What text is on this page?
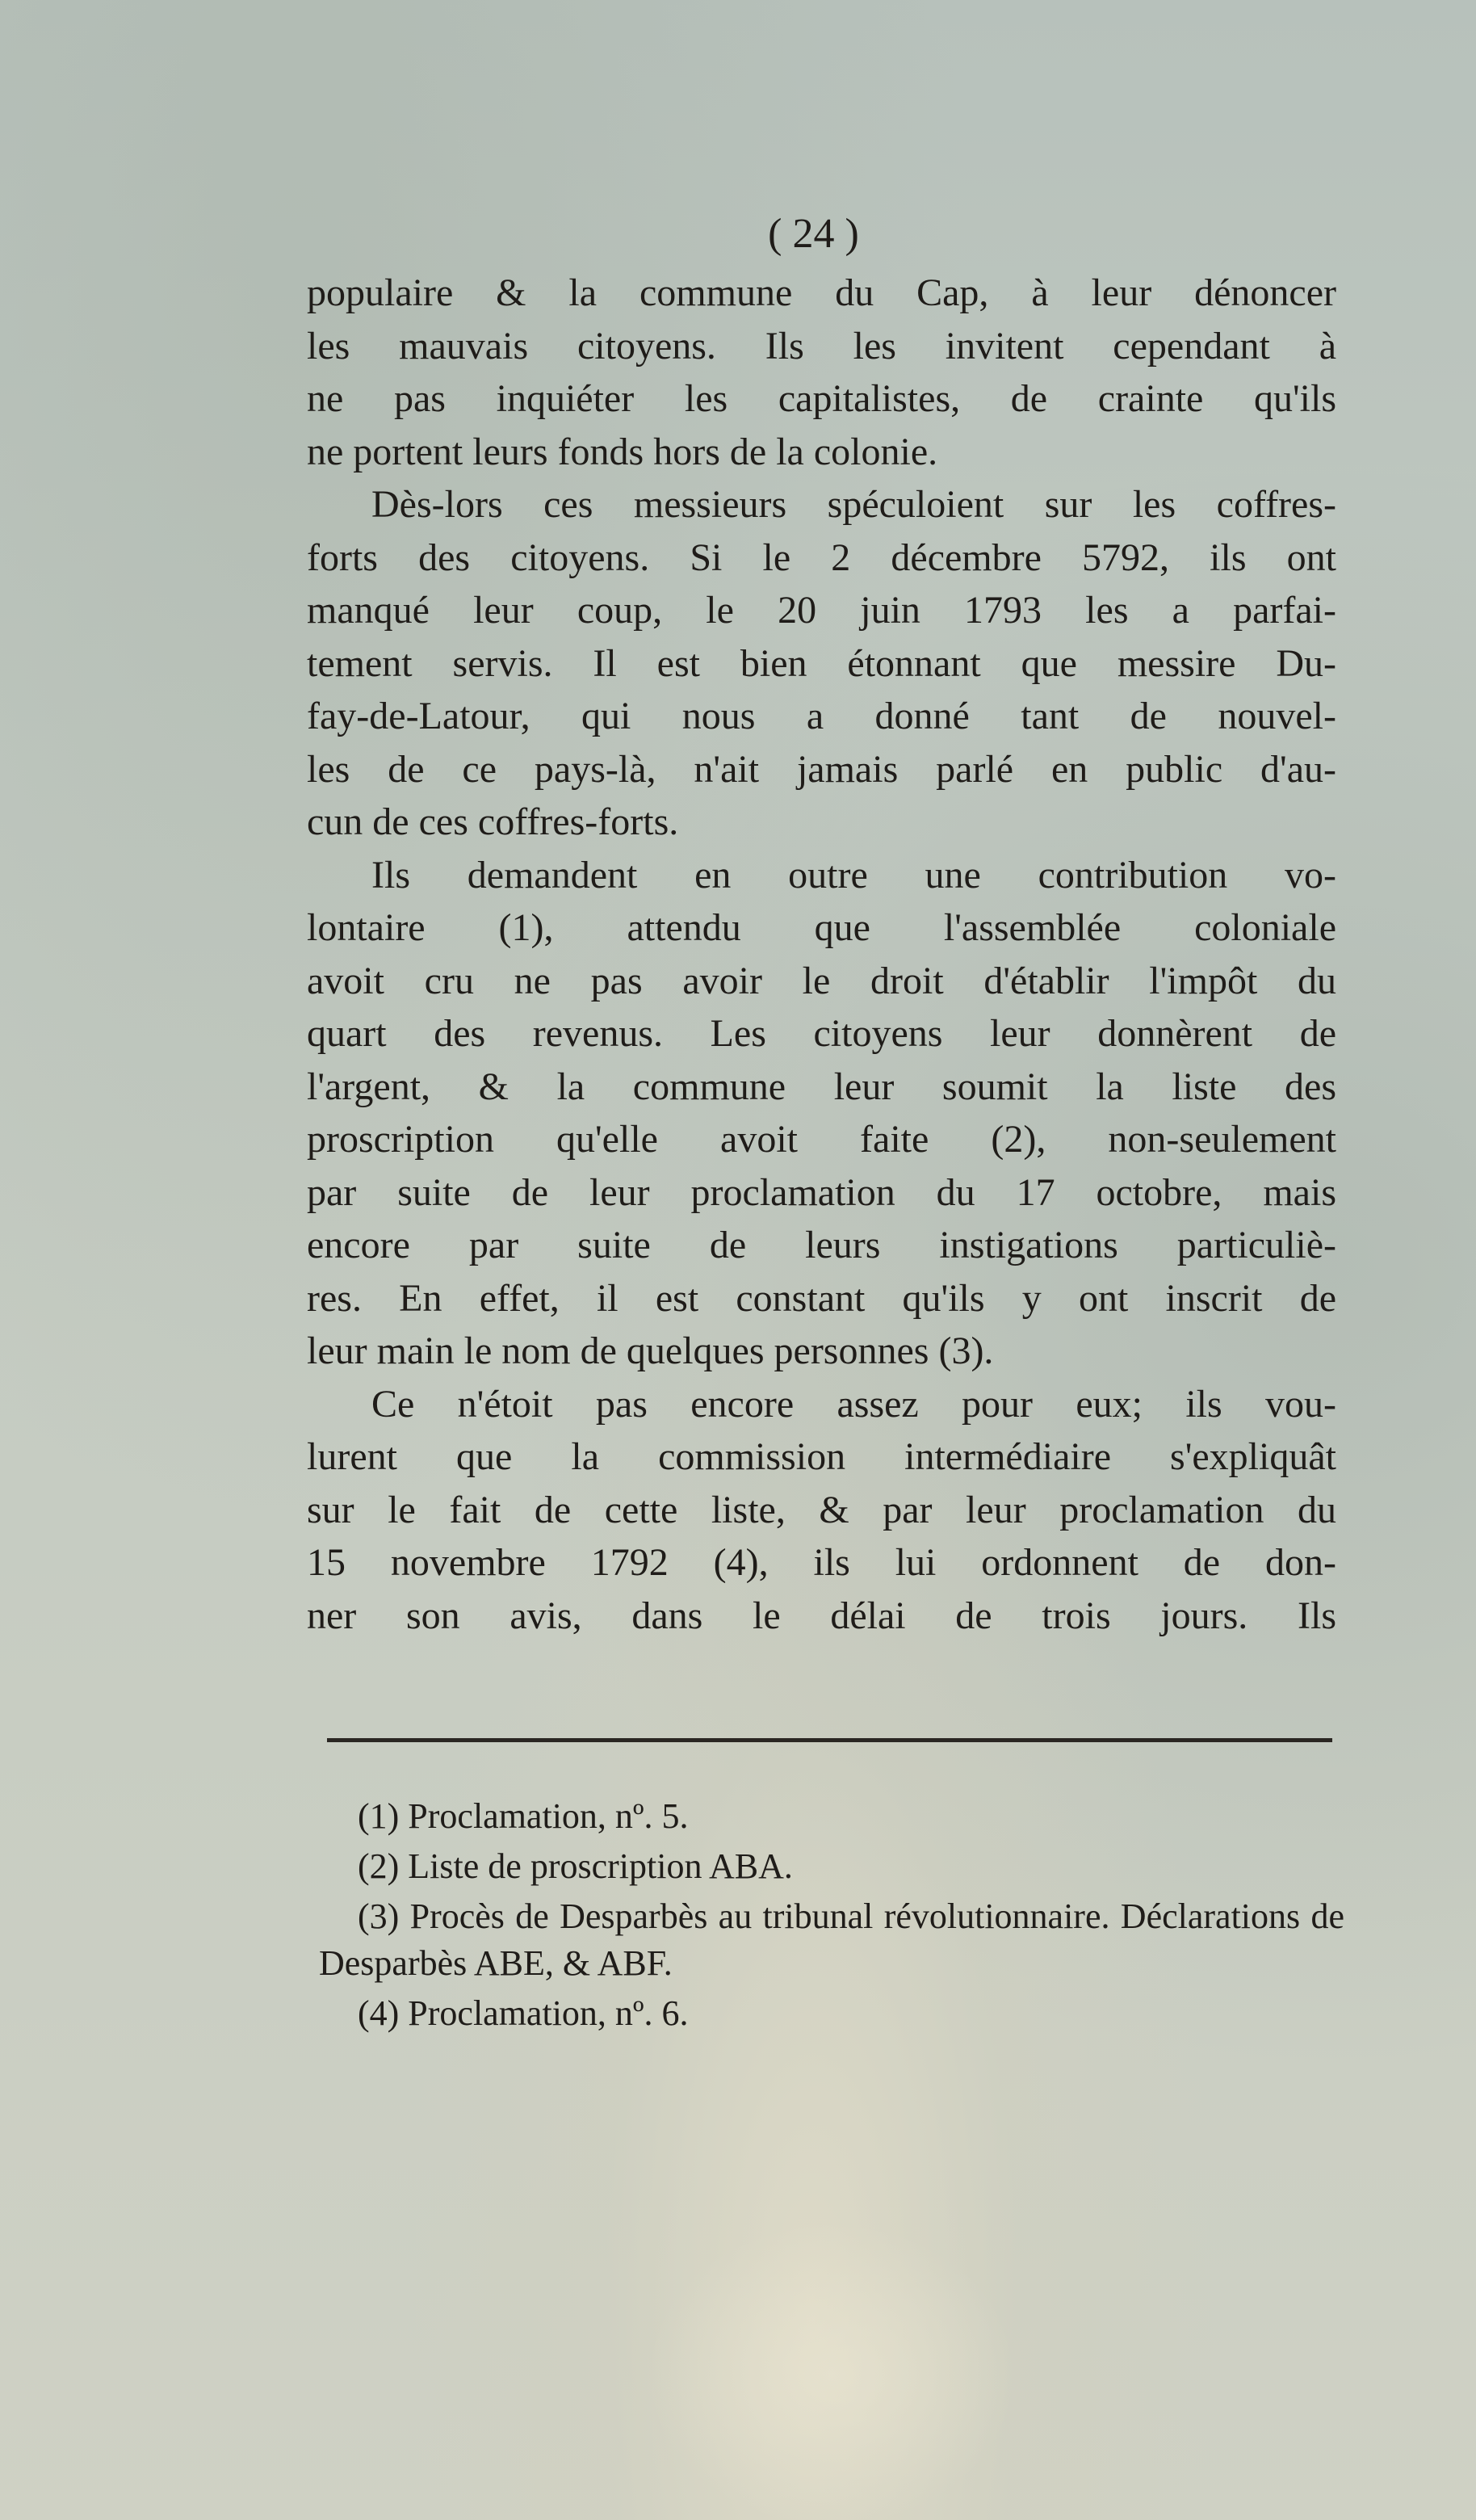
( 24 )
populaire & la commune du Cap, à leur dénoncer
les mauvais citoyens. Ils les invitent cependant à
ne pas inquiéter les capitalistes, de crainte qu'ils
ne portent leurs fonds hors de la colonie.
Dès-lors ces messieurs spéculoient sur les coffres-
forts des citoyens. Si le 2 décembre 5792, ils ont
manqué leur coup, le 20 juin 1793 les a parfai-
tement servis. Il est bien étonnant que messire Du-
fay-de-Latour, qui nous a donné tant de nouvel-
les de ce pays-là, n'ait jamais parlé en public d'au-
cun de ces coffres-forts.
Ils demandent en outre une contribution vo-
lontaire (1), attendu que l'assemblée coloniale
avoit cru ne pas avoir le droit d'établir l'impôt du
quart des revenus. Les citoyens leur donnèrent de
l'argent, & la commune leur soumit la liste des
proscription qu'elle avoit faite (2), non-seulement
par suite de leur proclamation du 17 octobre, mais
encore par suite de leurs instigations particuliè-
res. En effet, il est constant qu'ils y ont inscrit de
leur main le nom de quelques personnes (3).
Ce n'étoit pas encore assez pour eux; ils vou-
lurent que la commission intermédiaire s'expliquât
sur le fait de cette liste, & par leur proclamation du
15 novembre 1792 (4), ils lui ordonnent de don-
ner son avis, dans le délai de trois jours. Ils

(1) Proclamation, nº. 5.

(2) Liste de proscription ABA.

(3) Procès de Desparbès au tribunal révolutionnaire. Déclarations de Desparbès ABE, & ABF.

(4) Proclamation, nº. 6.
